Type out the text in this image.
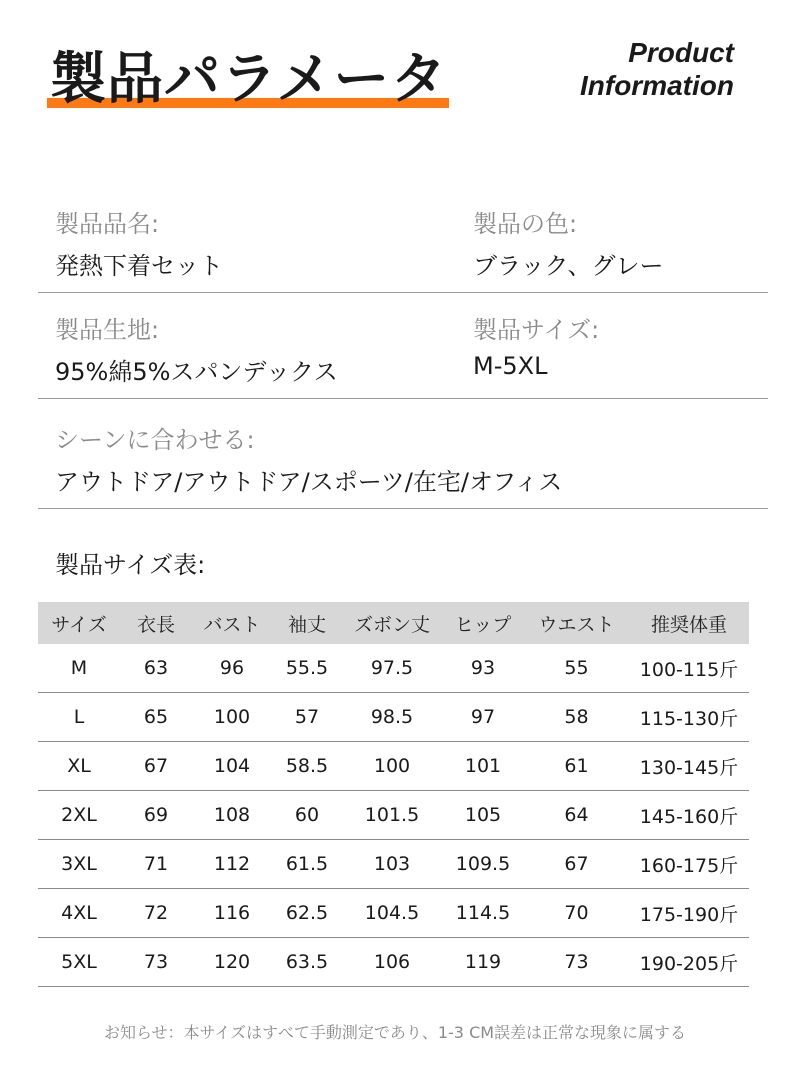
製品パラメータ	Product
Information
製品品名:
発熱下着セット
製品の色:
ブラック、グレー
製品生地:
95%綿5%スパンデックス
製品サイズ:
M-5XL
シーンに合わせる:
アウトドア/アウトドア/スポーツ/在宅/オフィス
製品サイズ表:
サイズ	衣長	バスト	袖丈	ズボン丈	ヒップ	ウエスト	推奨体重
M	63	96	55.5	97.5	93	55	100-115斤
L	65	100	57	98.5	97	58	115-130斤
XL	67	104	58.5	100	101	61	130-145斤
2XL	69	108	60	101.5	105	64	145-160斤
3XL	71	112	61.5	103	109.5	67	160-175斤
4XL	72	116	62.5	104.5	114.5	70	175-190斤
5XL	73	120	63.5	106	119	73	190-205斤
お知らせ：本サイズはすべて手動測定であり、1-3 CM誤差は正常な現象に属する
